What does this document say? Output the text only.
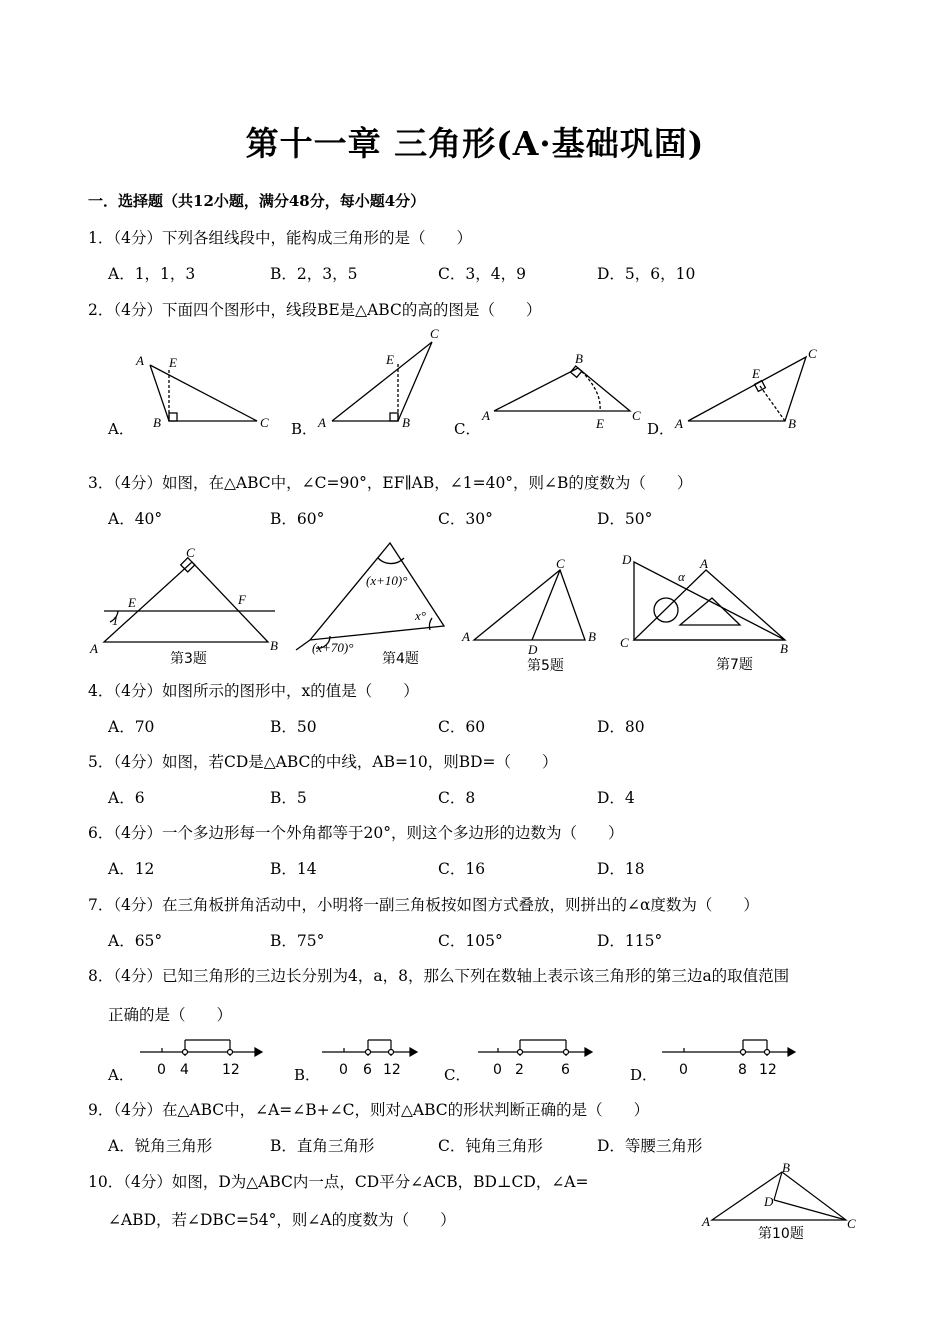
第十一章 三角形(A·基础巩固)
一．选择题（共12小题，满分48分，每小题4分）
1．（4分）下列各组线段中，能构成三角形的是（　　）
A．1，1，3	B．2，3，5	C．3，4，9	D．5，6，10
2．（4分）下面四个图形中，线段BE是△ABC的高的图是（　　）
A．	B．	C．	D．
A E
B	C
C
E
A	B
B
A
E
C
C
E
A	B
3．（4分）如图，在△ABC中，∠C=90°，EF∥AB，∠1=40°，则∠B的度数为（　　）
A．40°	B．60°	C．30°	D．50°
C
E	F
1
A	B
第3题
(x+10)°
x°
(x+70)°
第4题
C
A
D
B
第5题
D
α
A
C	B
第7题
4．（4分）如图所示的图形中，x的值是（　　）
A．70	B．50	C．60	D．80
5．（4分）如图，若CD是△ABC的中线，AB=10，则BD=（　　）
A．6	B．5	C．8	D．4
6．（4分）一个多边形每一个外角都等于20°，则这个多边形的边数为（　　）
A．12	B．14	C．16	D．18
7．（4分）在三角板拼角活动中，小明将一副三角板按如图方式叠放，则拼出的∠α度数为（　　）
A．65°	B．75°	C．105°	D．115°
8．（4分）已知三角形的三边长分别为4，a，8，那么下列在数轴上表示该三角形的第三边a的取值范围
正确的是（　　）
A．	B．	C．	D．
0 4 12	0 6 12	0 2	6	0	8 12
9．（4分）在△ABC中，∠A=∠B+∠C，则对△ABC的形状判断正确的是（　　）
A．锐角三角形	B．直角三角形	C．钝角三角形	D．等腰三角形
10．（4分）如图，D为△ABC内一点，CD平分∠ACB，BD⊥CD，∠A=
∠ABD，若∠DBC=54°，则∠A的度数为（　　）
B
D
A	C
第10题
